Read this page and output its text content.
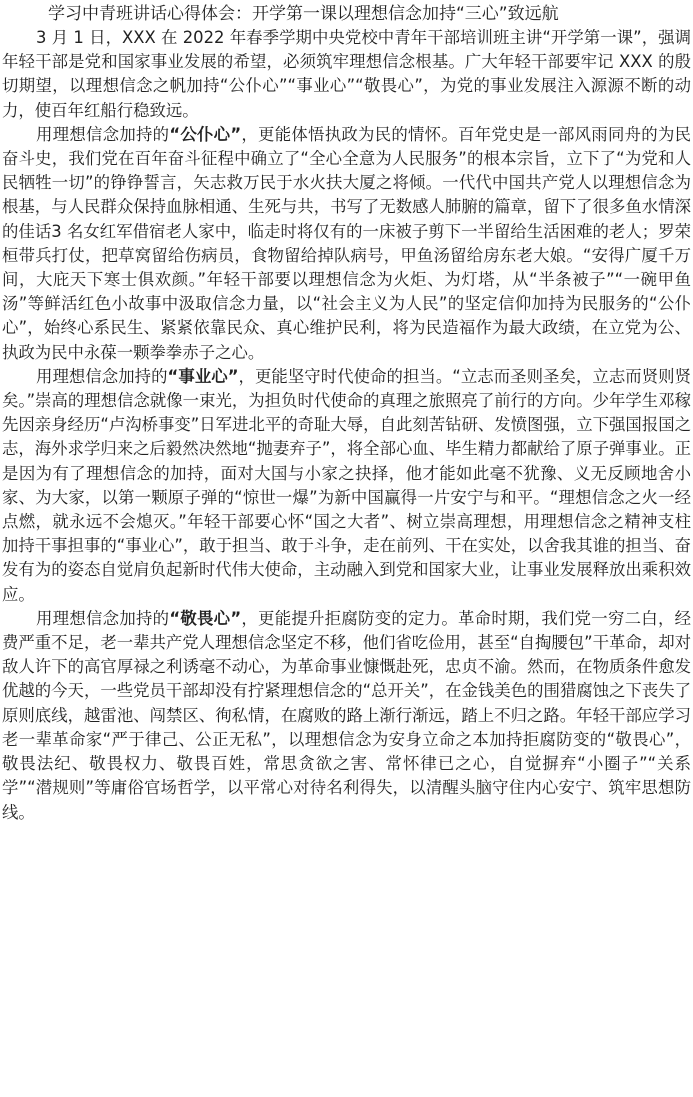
学习中青班讲话心得体会：开学第一课以理想信念加持“三心”致远航

3 月 1 日，XXX 在 2022 年春季学期中央党校中青年干部培训班主讲“开学第一课”，强调年轻干部是党和国家事业发展的希望，必须筑牢理想信念根基。广大年轻干部要牢记 XXX 的殷切期望，以理想信念之帆加持“公仆心”“事业心”“敬畏心”，为党的事业发展注入源源不断的动力，使百年红船行稳致远。

用理想信念加持的“公仆心”，更能体悟执政为民的情怀。百年党史是一部风雨同舟的为民奋斗史，我们党在百年奋斗征程中确立了“全心全意为人民服务”的根本宗旨，立下了“为党和人民牺牲一切”的铮铮誓言，矢志救万民于水火扶大厦之将倾。一代代中国共产党人以理想信念为根基，与人民群众保持血脉相通、生死与共，书写了无数感人肺腑的篇章，留下了很多鱼水情深的佳话3 名女红军借宿老人家中，临走时将仅有的一床被子剪下一半留给生活困难的老人；罗荣桓带兵打仗，把草窝留给伤病员，食物留给掉队病号，甲鱼汤留给房东老大娘。“安得广厦千万间，大庇天下寒士俱欢颜。”年轻干部要以理想信念为火炬、为灯塔，从“半条被子”“一碗甲鱼汤”等鲜活红色小故事中汲取信念力量，以“社会主义为人民”的坚定信仰加持为民服务的“公仆心”，始终心系民生、紧紧依靠民众、真心维护民利，将为民造福作为最大政绩，在立党为公、执政为民中永葆一颗拳拳赤子之心。

用理想信念加持的“事业心”，更能坚守时代使命的担当。“立志而圣则圣矣，立志而贤则贤矣。”崇高的理想信念就像一束光，为担负时代使命的真理之旅照亮了前行的方向。少年学生邓稼先因亲身经历“卢沟桥事变”日军进北平的奇耻大辱，自此刻苦钻研、发愤图强，立下强国报国之志，海外求学归来之后毅然决然地“抛妻弃子”，将全部心血、毕生精力都献给了原子弹事业。正是因为有了理想信念的加持，面对大国与小家之抉择，他才能如此毫不犹豫、义无反顾地舍小家、为大家，以第一颗原子弹的“惊世一爆”为新中国赢得一片安宁与和平。“理想信念之火一经点燃，就永远不会熄灭。”年轻干部要心怀“国之大者”、树立崇高理想，用理想信念之精神支柱加持干事担事的“事业心”，敢于担当、敢于斗争，走在前列、干在实处，以舍我其谁的担当、奋发有为的姿态自觉肩负起新时代伟大使命，主动融入到党和国家大业，让事业发展释放出乘积效应。

用理想信念加持的“敬畏心”，更能提升拒腐防变的定力。革命时期，我们党一穷二白，经费严重不足，老一辈共产党人理想信念坚定不移，他们省吃俭用，甚至“自掏腰包”干革命，却对敌人许下的高官厚禄之利诱毫不动心，为革命事业慷慨赴死，忠贞不渝。然而，在物质条件愈发优越的今天，一些党员干部却没有拧紧理想信念的“总开关”，在金钱美色的围猎腐蚀之下丧失了原则底线，越雷池、闯禁区、徇私情，在腐败的路上渐行渐远，踏上不归之路。年轻干部应学习老一辈革命家“严于律己、公正无私”，以理想信念为安身立命之本加持拒腐防变的“敬畏心”，敬畏法纪、敬畏权力、敬畏百姓，常思贪欲之害、常怀律已之心，自觉摒弃“小圈子”“关系学”“潜规则”等庸俗官场哲学，以平常心对待名利得失，以清醒头脑守住内心安宁、筑牢思想防线。
